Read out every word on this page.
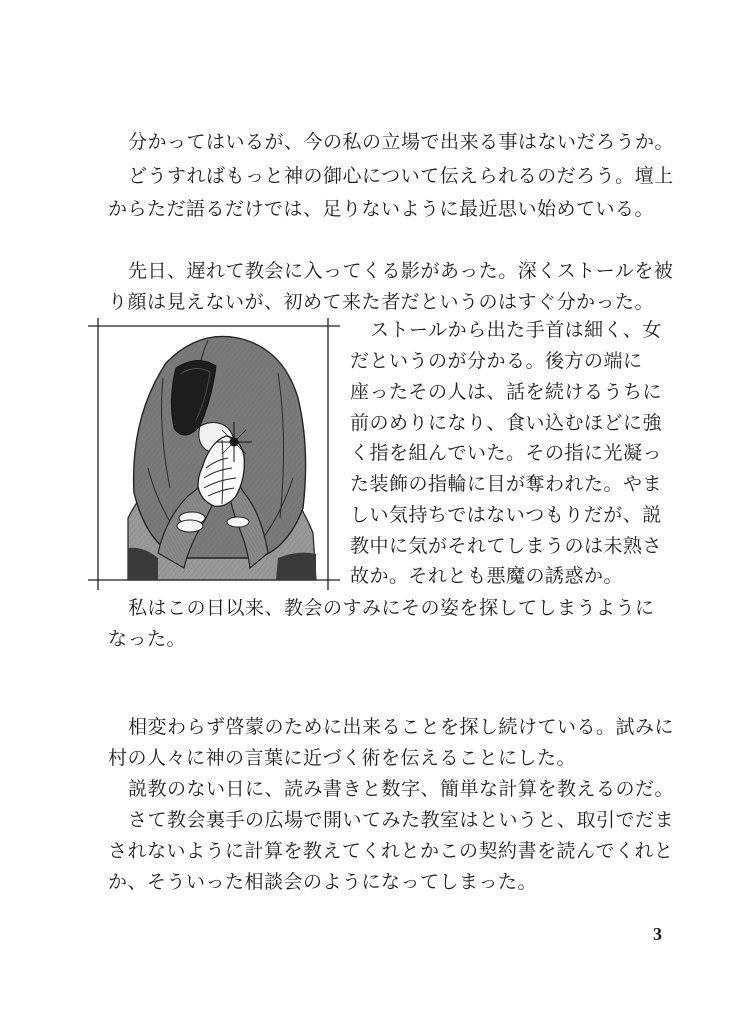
分かってはいるが、今の私の立場で出来る事はないだろうか。
どうすればもっと神の御心について伝えられるのだろう。壇上
からただ語るだけでは、足りないように最近思い始めている。
先日、遅れて教会に入ってくる影があった。深くストールを被
り顔は見えないが、初めて来た者だというのはすぐ分かった。
ストールから出た手首は細く、女
だというのが分かる。後方の端に
座ったその人は、話を続けるうちに
前のめりになり、食い込むほどに強
く指を組んでいた。その指に光凝っ
た装飾の指輪に目が奪われた。やま
しい気持ちではないつもりだが、説
教中に気がそれてしまうのは未熟さ
故か。それとも悪魔の誘惑か。
私はこの日以来、教会のすみにその姿を探してしまうように
なった。
相変わらず啓蒙のために出来ることを探し続けている。試みに
村の人々に神の言葉に近づく術を伝えることにした。
説教のない日に、読み書きと数字、簡単な計算を教えるのだ。
さて教会裏手の広場で開いてみた教室はというと、取引でだま
されないように計算を教えてくれとかこの契約書を読んでくれと
か、そういった相談会のようになってしまった。
3
